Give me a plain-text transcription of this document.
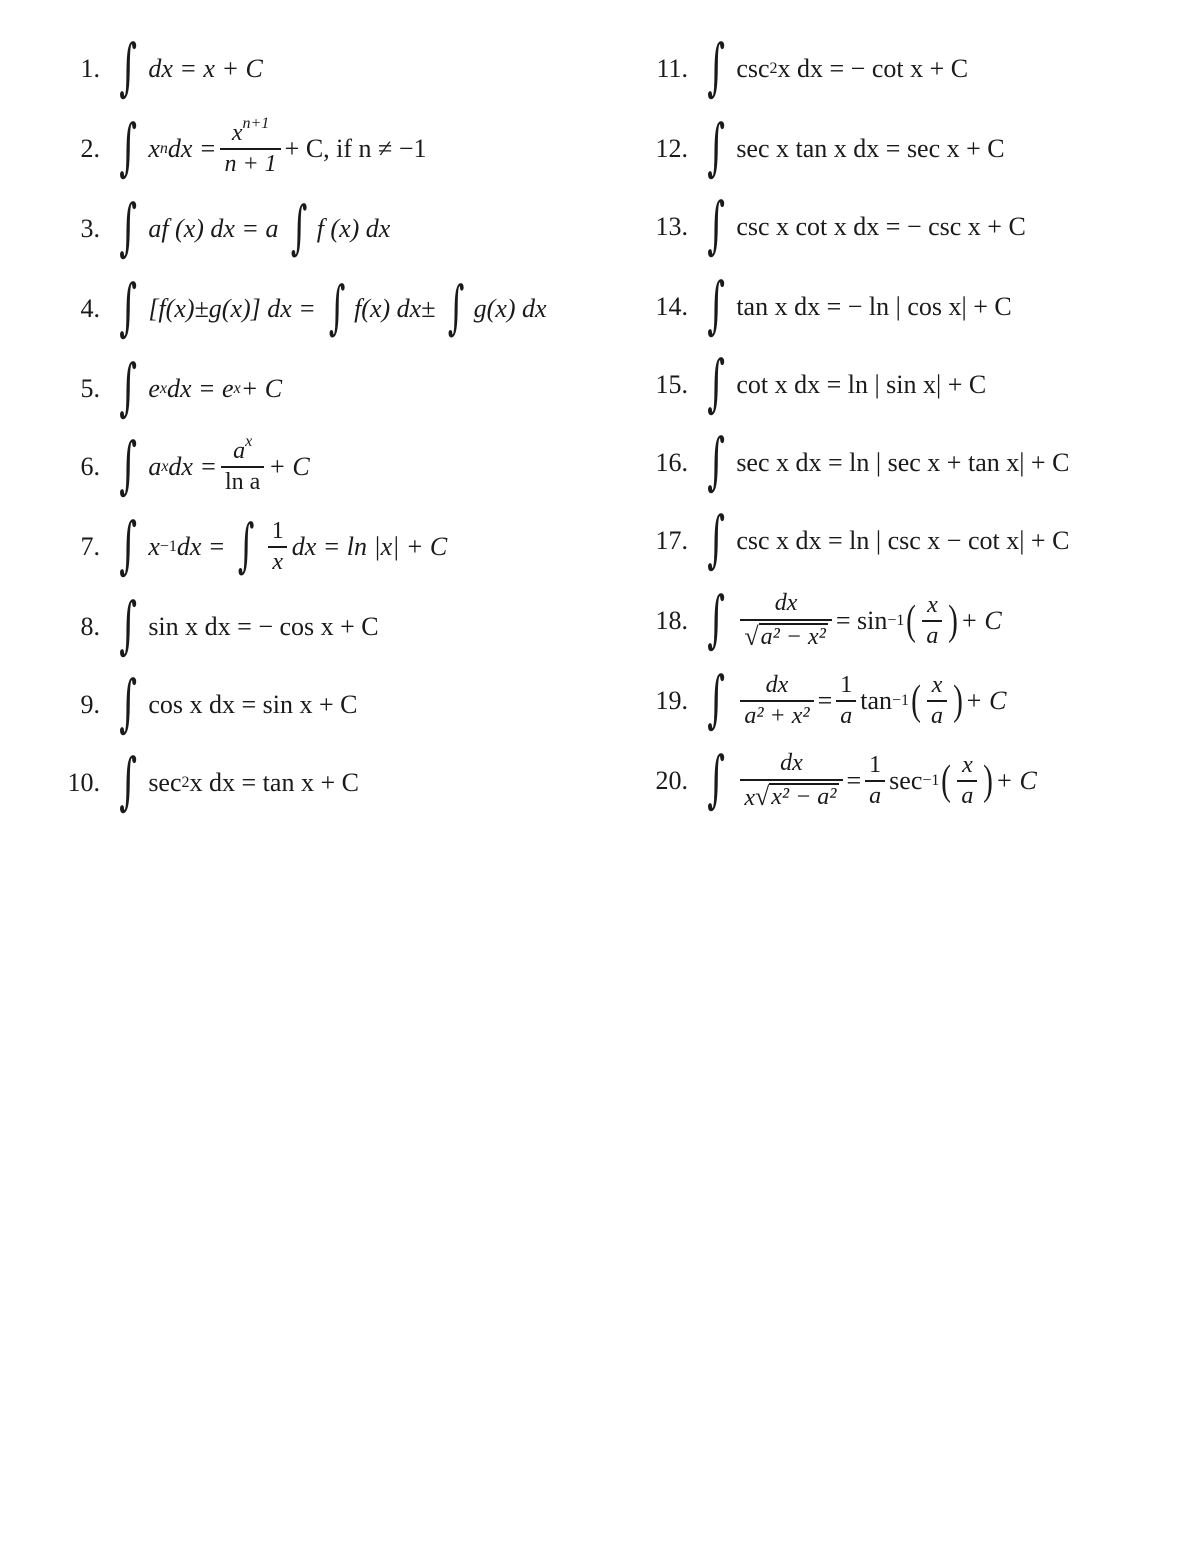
1. ∫ dx = x + C
2. ∫ x n dx = $\frac{x^{n+1}}{n + 1} + C$, if n ≠ −1
3. ∫ af (x) dx = a ∫ f (x) dx
4. ∫ [f(x)±g(x)] dx = ∫ f(x) dx± ∫ g(x) dx
5. ∫ e x dx = e x + C
6. ∫ a x dx = $\frac{a^x}{\text{ln a}} + C$
7. ∫ x −1 dx = ∫ $\frac{1}{x}$ dx = ln |x| + C
8. ∫ sin x dx = − cos x + C
9. ∫ cos x dx = sin x + C
10. ∫ sec 2 x dx = tan x + C
11. ∫ csc 2 x dx = − cot x + C
12. ∫ sec x tan x dx = sec x + C
13. ∫ csc x cot x dx = − csc x + C
14. ∫ tan x dx = − ln | cos x| + C
15. ∫ cot x dx = ln | sin x| + C
16. ∫ sec x dx = ln | sec x + tan x| + C
17. ∫ csc x dx = ln | csc x − cot x| + C
18. ∫ $\frac{dx}{\text{√ a² − x²}} = \sin -1$ ( $\frac{x}{a}$ ) + C
19. ∫ $\frac{dx}{\text{a² + x²}} = \frac{1}{a}$ tan −1 ( $\frac{x}{a}$ ) + C
20. ∫ $\frac{dx}{\text{x √ x² − a²}} = \frac{1}{a}$ sec −1 ( $\frac{x}{a}$ ) + C
